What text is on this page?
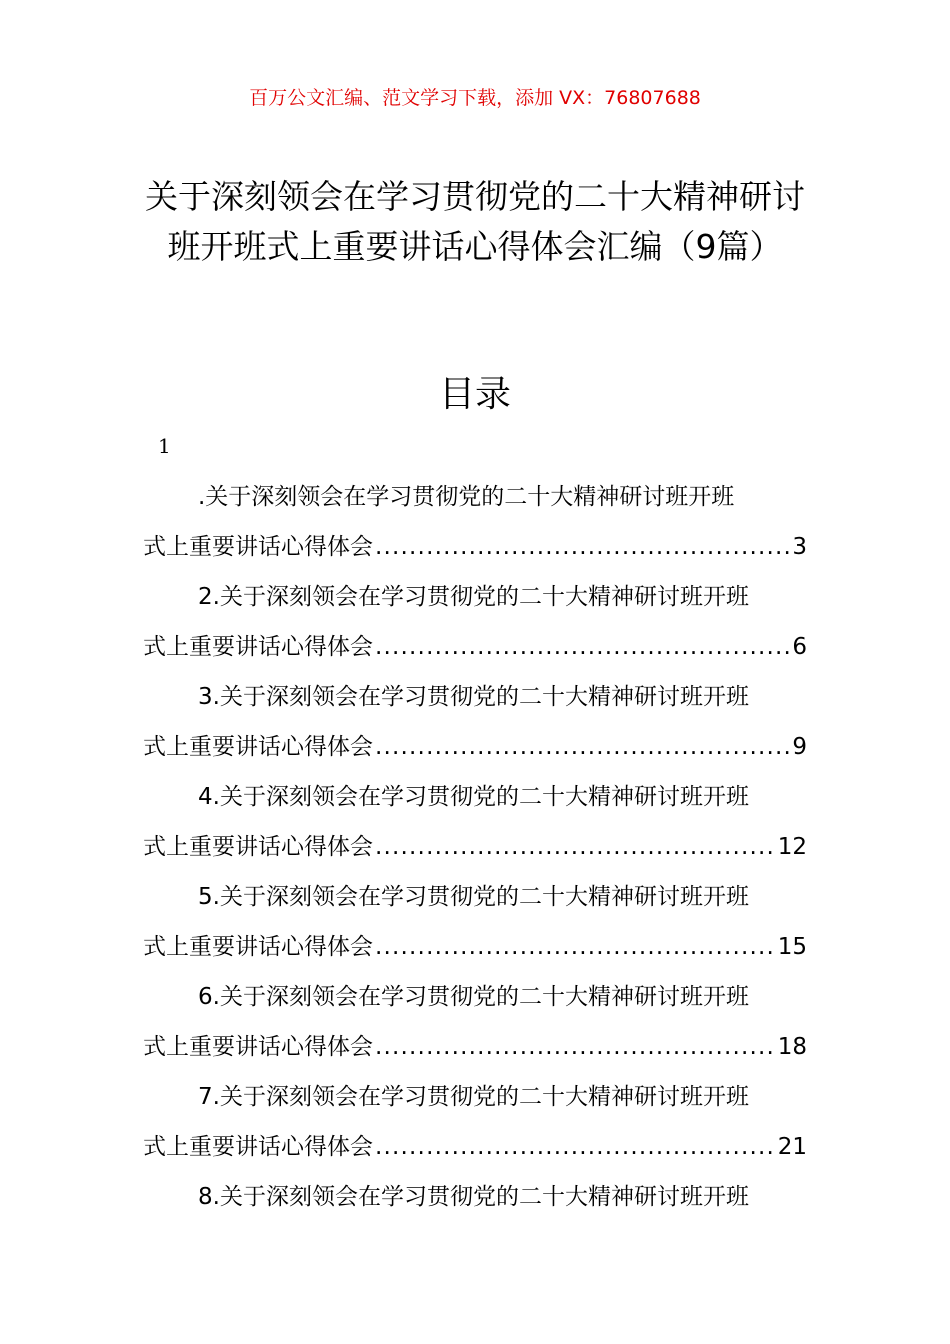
百万公文汇编、范文学习下载，添加 VX：76807688
关于深刻领会在学习贯彻党的二十大精神研讨班开班式上重要讲话心得体会汇编（9篇）
目录
1
.关于深刻领会在学习贯彻党的二十大精神研讨班开班
式上重要讲话心得体会 .....	3
2.关于深刻领会在学习贯彻党的二十大精神研讨班开班
式上重要讲话心得体会 .....	6
3.关于深刻领会在学习贯彻党的二十大精神研讨班开班
式上重要讲话心得体会 .....	9
4.关于深刻领会在学习贯彻党的二十大精神研讨班开班
式上重要讲话心得体会 .....	12
5.关于深刻领会在学习贯彻党的二十大精神研讨班开班
式上重要讲话心得体会 .....	15
6.关于深刻领会在学习贯彻党的二十大精神研讨班开班
式上重要讲话心得体会 .....	18
7.关于深刻领会在学习贯彻党的二十大精神研讨班开班
式上重要讲话心得体会 .....	21
8.关于深刻领会在学习贯彻党的二十大精神研讨班开班
